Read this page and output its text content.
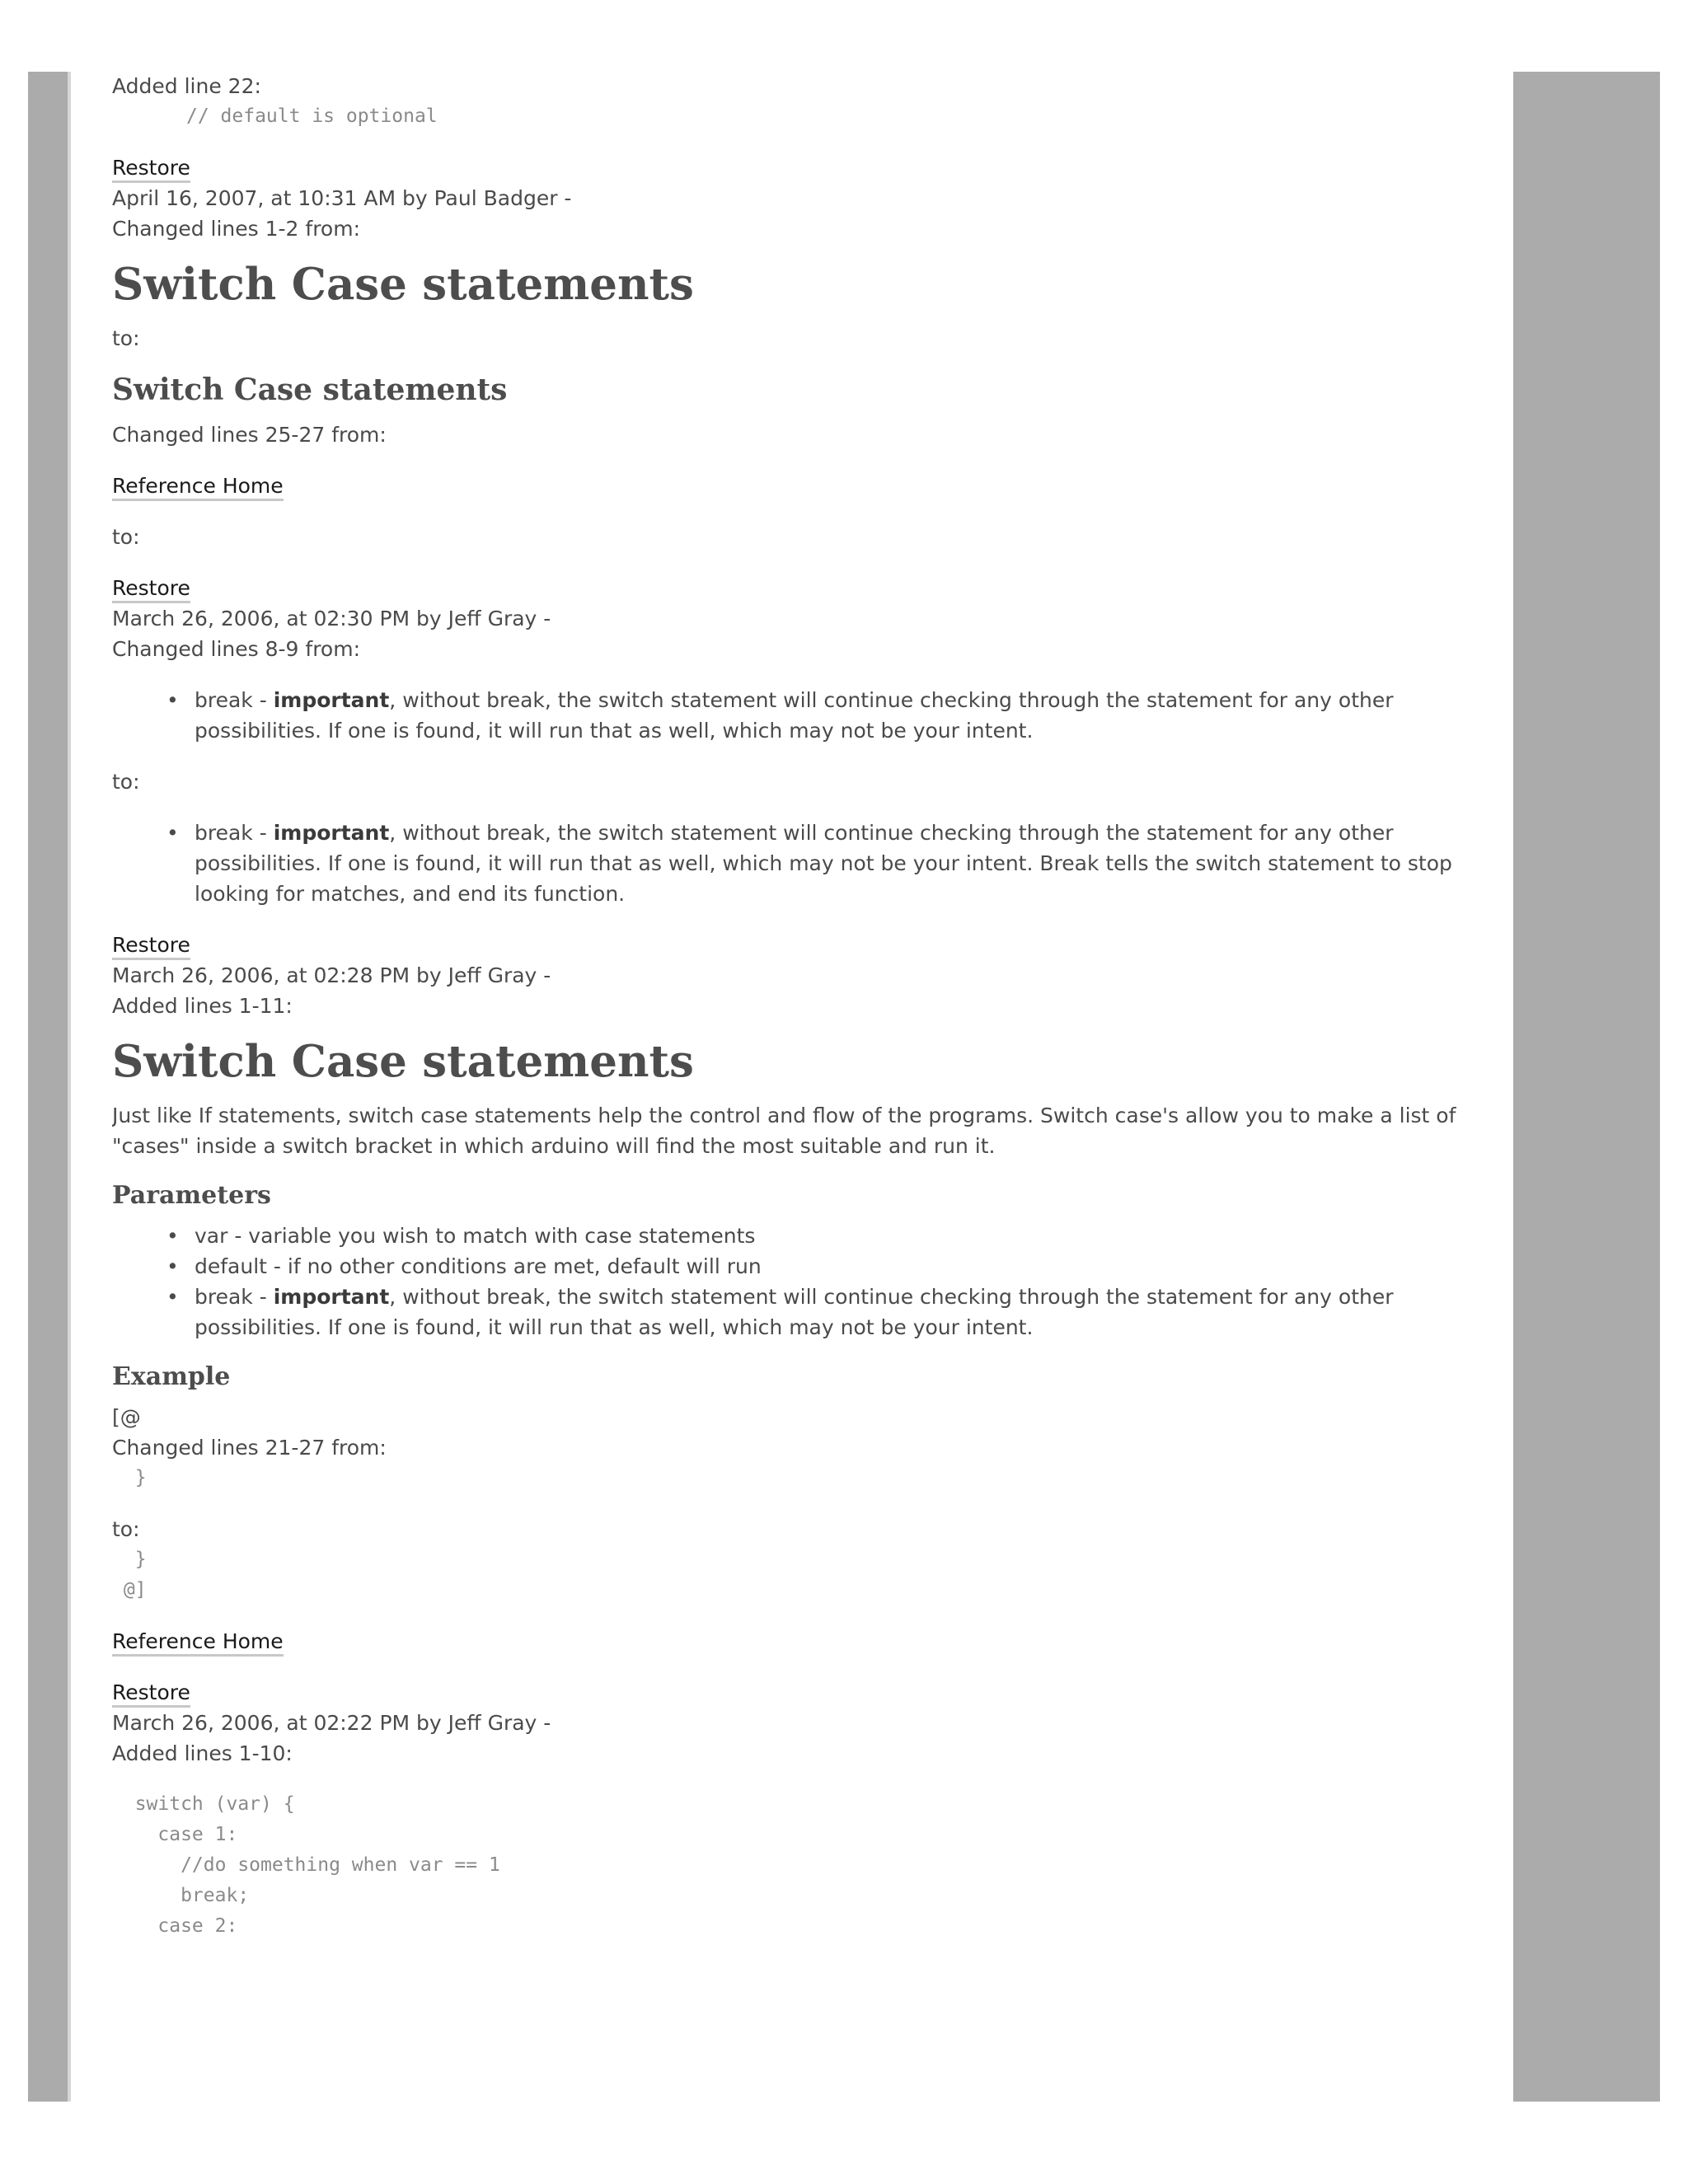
Added line 22:

// default is optional

Restore

April 16, 2007, at 10:31 AM by Paul Badger -

Changed lines 1-2 from:

Switch Case statements

to:

Switch Case statements

Changed lines 25-27 from:

Reference Home

to:

Restore

March 26, 2006, at 02:30 PM by Jeff Gray -

Changed lines 8-9 from:

• break - important, without break, the switch statement will continue checking through the statement for any other possibilities. If one is found, it will run that as well, which may not be your intent.

to:

• break - important, without break, the switch statement will continue checking through the statement for any other possibilities. If one is found, it will run that as well, which may not be your intent. Break tells the switch statement to stop looking for matches, and end its function.

Restore

March 26, 2006, at 02:28 PM by Jeff Gray -

Added lines 1-11:

Switch Case statements

Just like If statements, switch case statements help the control and flow of the programs. Switch case's allow you to make a list of "cases" inside a switch bracket in which arduino will find the most suitable and run it.

Parameters
• var - variable you wish to match with case statements
• default - if no other conditions are met, default will run
• break - important, without break, the switch statement will continue checking through the statement for any other possibilities. If one is found, it will run that as well, which may not be your intent.
Example

[@

Changed lines 21-27 from:

}

to:

}
@]

Reference Home

Restore

March 26, 2006, at 02:22 PM by Jeff Gray -

Added lines 1-10:

switch (var) {
case 1:
//do something when var == 1
break;
case 2:
